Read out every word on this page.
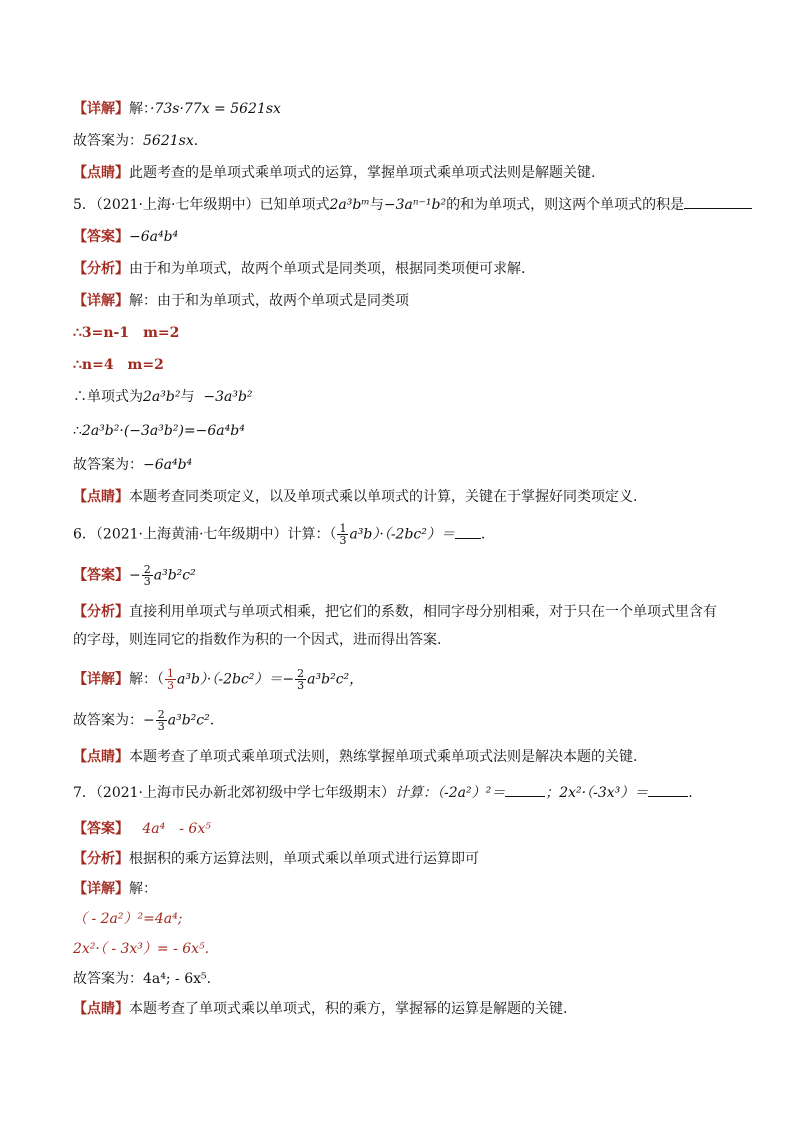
【详解】解：·73s·77x = 5621sx
故答案为：5621sx.
【点睛】此题考查的是单项式乘单项式的运算，掌握单项式乘单项式法则是解题关键.
5．（2021·上海·七年级期中）已知单项式2a³bᵐ与−3aⁿ⁻¹b²的和为单项式，则这两个单项式的积是
【答案】−6a⁴b⁴
【分析】由于和为单项式，故两个单项式是同类项，根据同类项便可求解.
【详解】解：由于和为单项式，故两个单项式是同类项
∴3=n-1　m=2
∴n=4　m=2
∴单项式为2a³b²与 −3a³b²
∴2a³b²·(−3a³b²)=−6a⁴b⁴
故答案为：−6a⁴b⁴
【点睛】本题考查同类项定义，以及单项式乘以单项式的计算，关键在于掌握好同类项定义.
6．（2021·上海黄浦·七年级期中）计算：（ $\frac{1}{3} a^3b)\cdot(-2bc^2)=$ .
【答案】− $\frac{2}{3} a^3b^2c^2$
【分析】直接利用单项式与单项式相乘，把它们的系数，相同字母分别相乘，对于只在一个单项式里含有
的字母，则连同它的指数作为积的一个因式，进而得出答案.
【详解】解：（ $\frac{1}{3} a^3b)\cdot(-2bc^2)=- \frac{2}{3} a^3b^2c^2$，
故答案为：− $\frac{2}{3} a^3b^2c^2$.
【点睛】本题考查了单项式乘单项式法则，熟练掌握单项式乘单项式法则是解决本题的关键.
7．（2021·上海市民办新北郊初级中学七年级期末）计算：（-2a²）²＝	；2x²·（-3x³）＝	.
【答案】 4a⁴　- 6x⁵
【分析】根据积的乘方运算法则，单项式乘以单项式进行运算即可
【详解】解：
（ - 2a²）²=4a⁴;
2x²·（ - 3x³）= - 6x⁵.
故答案为：4a⁴; - 6x⁵.
【点睛】本题考查了单项式乘以单项式，积的乘方，掌握幂的运算是解题的关键.
